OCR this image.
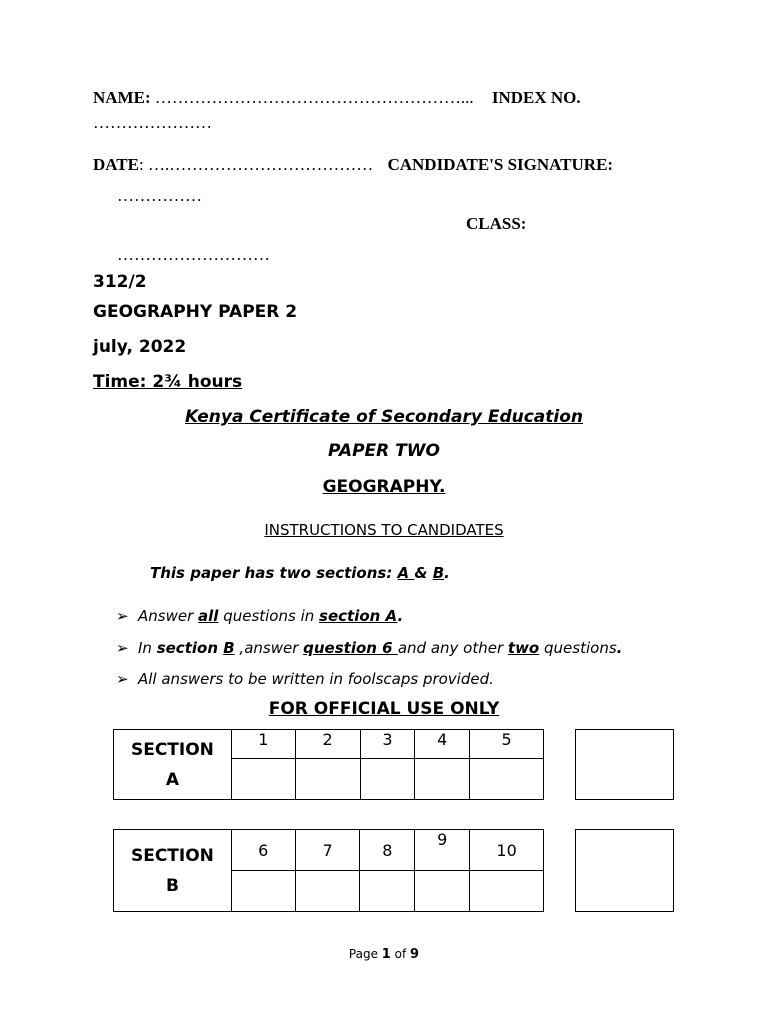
NAME: ………………………………………………... INDEX NO.
…………………
DATE: ….……………………………… CANDIDATE'S SIGNATURE:
……………
CLASS:
………………………
312/2
GEOGRAPHY PAPER 2
july, 2022
Time: 2¾ hours
Kenya Certificate of Secondary Education
PAPER TWO
GEOGRAPHY.
INSTRUCTIONS TO CANDIDATES
This paper has two sections: A & B.
➢ Answer all questions in section A.
➢ In section B ,answer question 6 and any other two questions.
➢ All answers to be written in foolscaps provided.
FOR OFFICIAL USE ONLY
SECTION
A	1	2	3	4	5

SECTION
B	6	7	8	9	10

Page 1 of 9
